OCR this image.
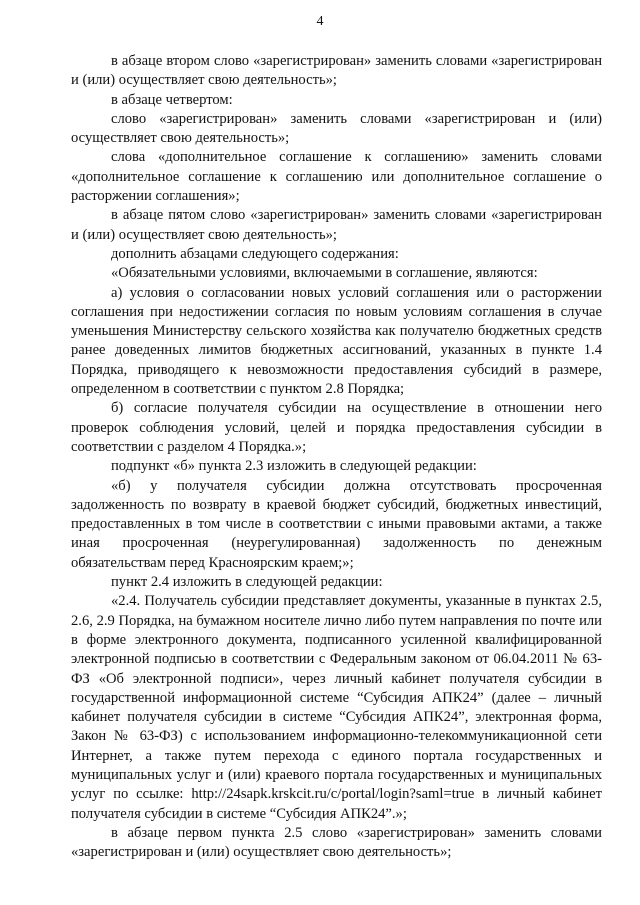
4

в абзаце втором слово «зарегистрирован» заменить словами «зарегистрирован и (или) осуществляет свою деятельность»;

в абзаце четвертом:

слово «зарегистрирован» заменить словами «зарегистрирован и (или) осуществляет свою деятельность»;

слова «дополнительное соглашение к соглашению» заменить словами «дополнительное соглашение к соглашению или дополнительное соглашение о расторжении соглашения»;

в абзаце пятом слово «зарегистрирован» заменить словами «зарегистрирован и (или) осуществляет свою деятельность»;

дополнить абзацами следующего содержания:

«Обязательными условиями, включаемыми в соглашение, являются:

а) условия о согласовании новых условий соглашения или о расторжении соглашения при недостижении согласия по новым условиям соглашения в случае уменьшения Министерству сельского хозяйства как получателю бюджетных средств ранее доведенных лимитов бюджетных ассигнований, указанных в пункте 1.4 Порядка, приводящего к невозможности предоставления субсидий в размере, определенном в соответствии с пунктом 2.8 Порядка;

б) согласие получателя субсидии на осуществление в отношении него проверок соблюдения условий, целей и порядка предоставления субсидии в соответствии с разделом 4 Порядка.»;

подпункт «б» пункта 2.3 изложить в следующей редакции:

«б) у получателя субсидии должна отсутствовать просроченная задолженность по возврату в краевой бюджет субсидий, бюджетных инвестиций, предоставленных в том числе в соответствии с иными правовыми актами, а также иная просроченная (неурегулированная) задолженность по денежным обязательствам перед Красноярским краем;»;

пункт 2.4 изложить в следующей редакции:

«2.4. Получатель субсидии представляет документы, указанные в пунктах 2.5, 2.6, 2.9 Порядка, на бумажном носителе лично либо путем направления по почте или в форме электронного документа, подписанного усиленной квалифицированной электронной подписью в соответствии с Федеральным законом от 06.04.2011 № 63-ФЗ «Об электронной подписи», через личный кабинет получателя субсидии в государственной информационной системе “Субсидия АПК24” (далее – личный кабинет получателя субсидии в системе “Субсидия АПК24”, электронная форма, Закон № 63-ФЗ) с использованием информационно-телекоммуникационной сети Интернет, а также путем перехода с единого портала государственных и муниципальных услуг и (или) краевого портала государственных и муниципальных услуг по ссылке: http://24sapk.krskcit.ru/c/portal/login?saml=true в личный кабинет получателя субсидии в системе “Субсидия АПК24”.»;

в абзаце первом пункта 2.5 слово «зарегистрирован» заменить словами «зарегистрирован и (или) осуществляет свою деятельность»;
